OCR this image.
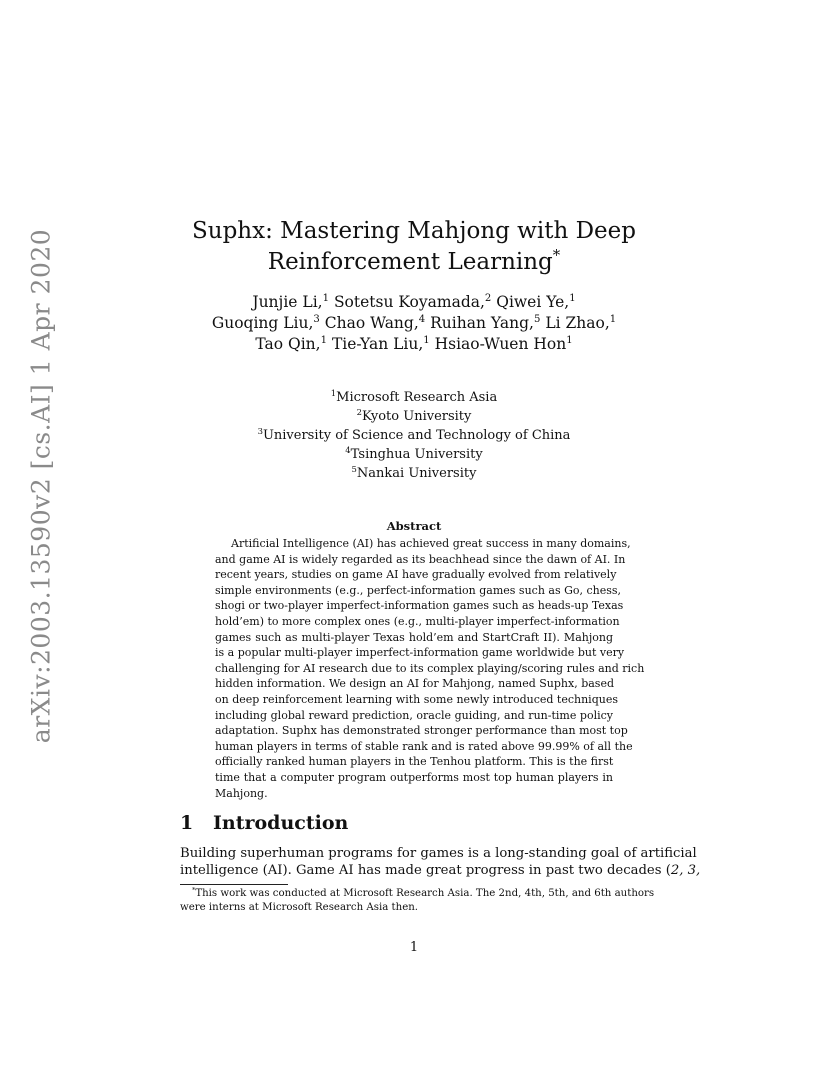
arXiv:2003.13590v2 [cs.AI] 1 Apr 2020	Suphx: Mastering Mahjong with Deep
Reinforcement Learning*
Junjie Li,$^1$ Sotetsu Koyamada,$^2$ Qiwei Ye,$^1$
Guoqing Liu,$^3$ Chao Wang,$^4$ Ruihan Yang,$^5$ Li Zhao,$^1$
Tao Qin,$^1$ Tie-Yan Liu,$^1$ Hsiao-Wuen Hon$^1$
$^1$Microsoft Research Asia
$^2$Kyoto University
$^3$University of Science and Technology of China
$^4$Tsinghua University
$^5$Nankai University
Abstract
Artificial Intelligence (AI) has achieved great success in many domains,
and game AI is widely regarded as its beachhead since the dawn of AI. In
recent years, studies on game AI have gradually evolved from relatively
simple environments (e.g., perfect-information games such as Go, chess,
shogi or two-player imperfect-information games such as heads-up Texas
hold’em) to more complex ones (e.g., multi-player imperfect-information
games such as multi-player Texas hold’em and StartCraft II). Mahjong
is a popular multi-player imperfect-information game worldwide but very
challenging for AI research due to its complex playing/scoring rules and rich
hidden information. We design an AI for Mahjong, named Suphx, based
on deep reinforcement learning with some newly introduced techniques
including global reward prediction, oracle guiding, and run-time policy
adaptation. Suphx has demonstrated stronger performance than most top
human players in terms of stable rank and is rated above 99.99% of all the
officially ranked human players in the Tenhou platform. This is the first
time that a computer program outperforms most top human players in
Mahjong.
1 Introduction
Building superhuman programs for games is a long-standing goal of artificial
intelligence (AI). Game AI has made great progress in past two decades (2, 3,
*This work was conducted at Microsoft Research Asia. The 2nd, 4th, 5th, and 6th authors
were interns at Microsoft Research Asia then.
1
